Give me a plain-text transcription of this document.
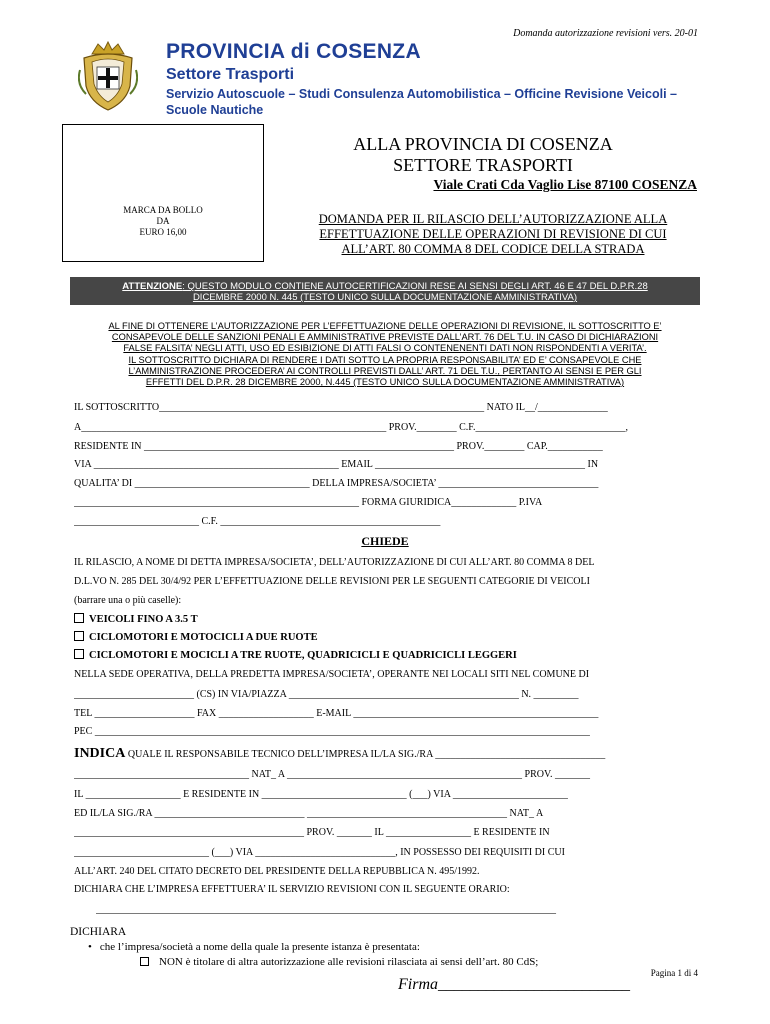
Domanda autorizzazione revisioni vers. 20-01
PROVINCIA di COSENZA
Settore Trasporti
Servizio Autoscuole – Studi Consulenza Automobilistica – Officine Revisione Veicoli – Scuole Nautiche
MARCA DA BOLLO
DA
EURO 16,00
ALLA PROVINCIA DI COSENZA
SETTORE TRASPORTI
Viale Crati Cda Vaglio Lise 87100 COSENZA
DOMANDA PER IL RILASCIO DELL’AUTORIZZAZIONE ALLA
EFFETTUAZIONE DELLE OPERAZIONI DI REVISIONE DI CUI
ALL’ART. 80 COMMA 8 DEL CODICE DELLA STRADA
ATTENZIONE: QUESTO MODULO CONTIENE AUTOCERTIFICAZIONI RESE AI SENSI DEGLI ART. 46 E 47 DEL D.P.R.28
DICEMBRE 2000 N. 445 (TESTO UNICO SULLA DOCUMENTAZIONE AMMINISTRATIVA)
AL FINE DI OTTENERE L’AUTORIZZAZIONE PER L’EFFETTUAZIONE DELLE OPERAZIONI DI REVISIONE, IL SOTTOSCRITTO E’
CONSAPEVOLE DELLE SANZIONI PENALI E AMMINISTRATIVE PREVISTE DALL’ART. 76 DEL T.U. IN CASO DI DICHIARAZIONI
FALSE FALSITA’ NEGLI ATTI, USO ED ESIBIZIONE DI ATTI FALSI O CONTENENENTI DATI NON RISPONDENTI A VERITA’.
IL SOTTOSCRITTO DICHIARA DI RENDERE I DATI SOTTO LA PROPRIA RESPONSABILITA’ ED E’ CONSAPEVOLE CHE
L’AMMINISTRAZIONE PROCEDERA’ AI CONTROLLI PREVISTI DALL’ ART. 71 DEL T.U., PERTANTO AI SENSI E PER GLI
EFFETTI DEL D.P.R. 28 DICEMBRE 2000, N.445 (TESTO UNICO SULLA DOCUMENTAZIONE AMMINISTRATIVA)
IL SOTTOSCRITTO_________________________________________________________________ NATO IL__/______________
A_____________________________________________________________ PROV.________ C.F.______________________________,
RESIDENTE IN ______________________________________________________________ PROV.________ CAP.___________
VIA _________________________________________________ EMAIL __________________________________________ IN
QUALITA’ DI ___________________________________ DELLA IMPRESA/SOCIETA’ ________________________________
_________________________________________________________ FORMA GIURIDICA_____________ P.IVA
_________________________ C.F. ____________________________________________
CHIEDE
IL RILASCIO, A NOME DI DETTA IMPRESA/SOCIETA’, DELL’AUTORIZZAZIONE DI CUI ALL’ART. 80 COMMA 8 DEL
D.L.VO N. 285 DEL 30/4/92 PER L’EFFETTUAZIONE DELLE REVISIONI PER LE SEGUENTI CATEGORIE DI VEICOLI
(barrare una o più caselle):
VEICOLI FINO A 3.5 T
CICLOMOTORI E MOTOCICLI A DUE RUOTE
CICLOMOTORI E MOCICLI A TRE RUOTE, QUADRICICLI E QUADRICICLI LEGGERI
NELLA SEDE OPERATIVA, DELLA PREDETTA IMPRESA/SOCIETA’, OPERANTE NEI LOCALI SITI NEL COMUNE DI
________________________ (CS) IN VIA/PIAZZA ______________________________________________ N. _________
TEL ____________________ FAX ___________________ E-MAIL _________________________________________________
PEC ___________________________________________________________________________________________________
INDICA QUALE IL RESPONSABILE TECNICO DELL’IMPRESA IL/LA SIG./RA __________________________________
___________________________________ NAT_ A _______________________________________________ PROV. _______
IL ___________________ E RESIDENTE IN _____________________________ (___) VIA _______________________
ED IL/LA SIG./RA ______________________________ ________________________________________ NAT_ A
______________________________________________ PROV. _______ IL _________________ E RESIDENTE IN
___________________________ (___) VIA ____________________________, IN POSSESSO DEI REQUISITI DI CUI
ALL’ART. 240 DEL CITATO DECRETO DEL PRESIDENTE DELLA REPUBBLICA N. 495/1992.
DICHIARA CHE L’IMPRESA EFFETTUERA’ IL SERVIZIO REVISIONI CON IL SEGUENTE ORARIO:
____________________________________________________________________________________________
DICHIARA
• che l’impresa/società a nome della quale la presente istanza è presentata:
NON è titolare di altra autorizzazione alle revisioni rilasciata ai sensi dell’art. 80 CdS;
Pagina 1 di 4
Firma________________________
